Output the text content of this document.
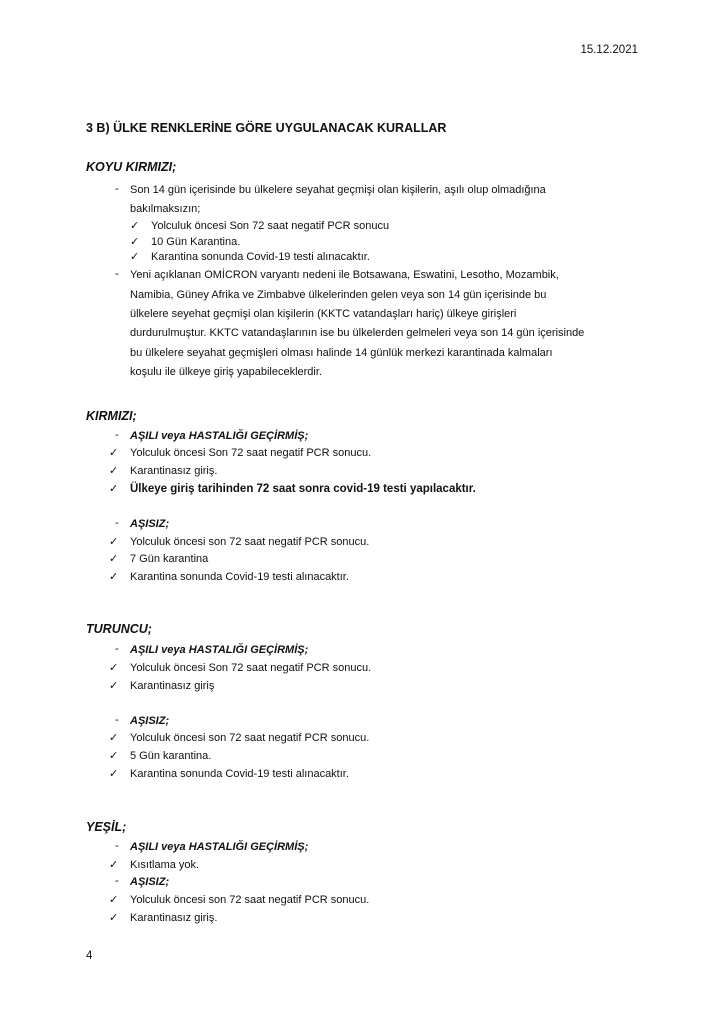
15.12.2021
3 B) ÜLKE RENKLERİNE GÖRE UYGULANACAK KURALLAR
KOYU KIRMIZI;
- Son 14 gün içerisinde bu ülkelere seyahat geçmişi olan kişilerin, aşılı olup olmadığına
bakılmaksızın;
✓ Yolculuk öncesi Son 72 saat negatif PCR sonucu
✓ 10 Gün Karantina.
✓ Karantina sonunda Covid-19 testi alınacaktır.
- Yeni açıklanan OMİCRON varyantı nedeni ile Botsawana, Eswatini, Lesotho, Mozambik,
Namibia, Güney Afrika ve Zimbabve ülkelerinden gelen veya son 14 gün içerisinde bu
ülkelere seyehat geçmişi olan kişilerin (KKTC vatandaşları hariç) ülkeye girişleri
durdurulmuştur. KKTC vatandaşlarının ise bu ülkelerden gelmeleri veya son 14 gün içerisinde
bu ülkelere seyahat geçmişleri olması halinde 14 günlük merkezi karantinada kalmaları
koşulu ile ülkeye giriş yapabileceklerdir.
KIRMIZI;
- AŞILI veya HASTALIĞI GEÇİRMİŞ;
✓ Yolculuk öncesi Son 72 saat negatif PCR sonucu.
✓ Karantinasız giriş.
✓ Ülkeye giriş tarihinden 72 saat sonra covid-19 testi yapılacaktır.
- AŞISIZ;
✓ Yolculuk öncesi son 72 saat negatif PCR sonucu.
✓ 7 Gün karantina
✓ Karantina sonunda Covid-19 testi alınacaktır.
TURUNCU;
- AŞILI veya HASTALIĞI GEÇİRMİŞ;
✓ Yolculuk öncesi Son 72 saat negatif PCR sonucu.
✓ Karantinasız giriş
- AŞISIZ;
✓ Yolculuk öncesi son 72 saat negatif PCR sonucu.
✓ 5 Gün karantina.
✓ Karantina sonunda Covid-19 testi alınacaktır.
YEŞİL;
- AŞILI veya HASTALIĞI GEÇİRMİŞ;
✓ Kısıtlama yok.
- AŞISIZ;
✓ Yolculuk öncesi son 72 saat negatif PCR sonucu.
✓ Karantinasız giriş.
4
